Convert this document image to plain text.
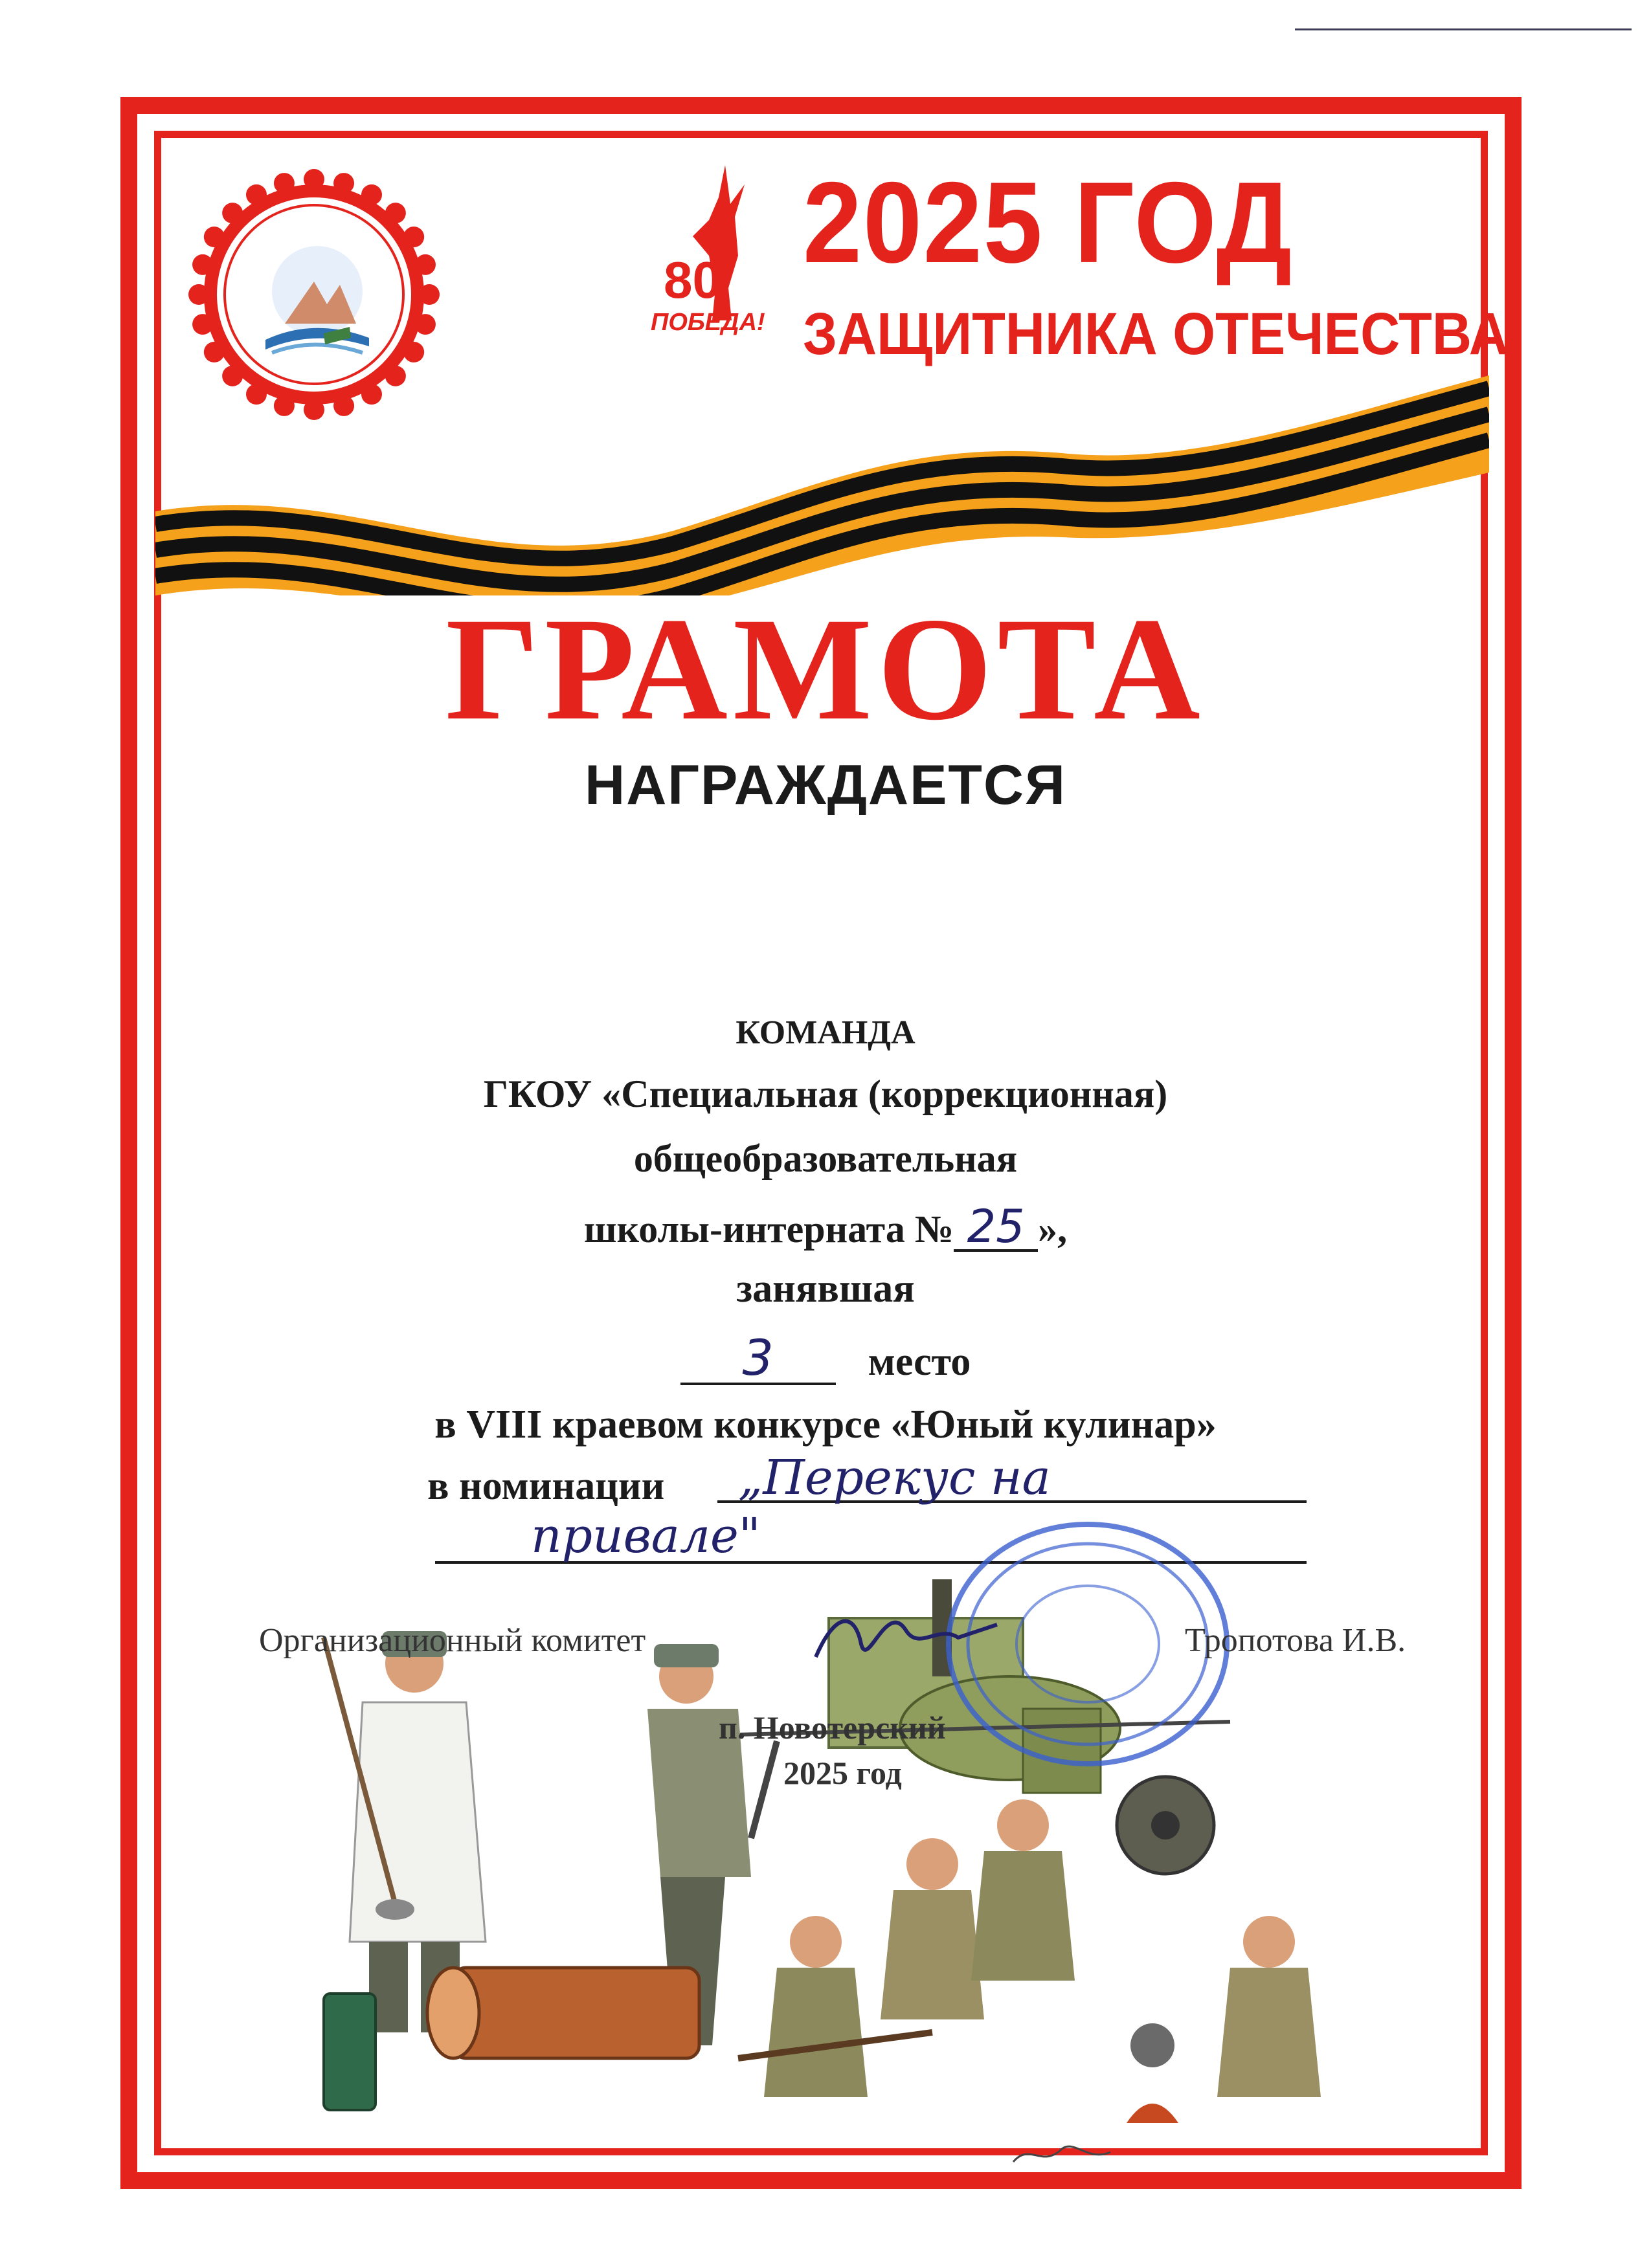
80
ПОБЕДА!
2025 ГОД
ЗАЩИТНИКА ОТЕЧЕСТВА
ГРАМОТА
НАГРАЖДАЕТСЯ
КОМАНДА
ГКОУ «Специальная (коррекционная)
общеобразовательная
школы-интерната № 25 »,
занявшая
3 место
в VIII краевом конкурсе «Юный кулинар»
в номинации „Перекус на
привале"
Организационный комитет	Тропотова И.В.
п. Новотерский
2025 год
